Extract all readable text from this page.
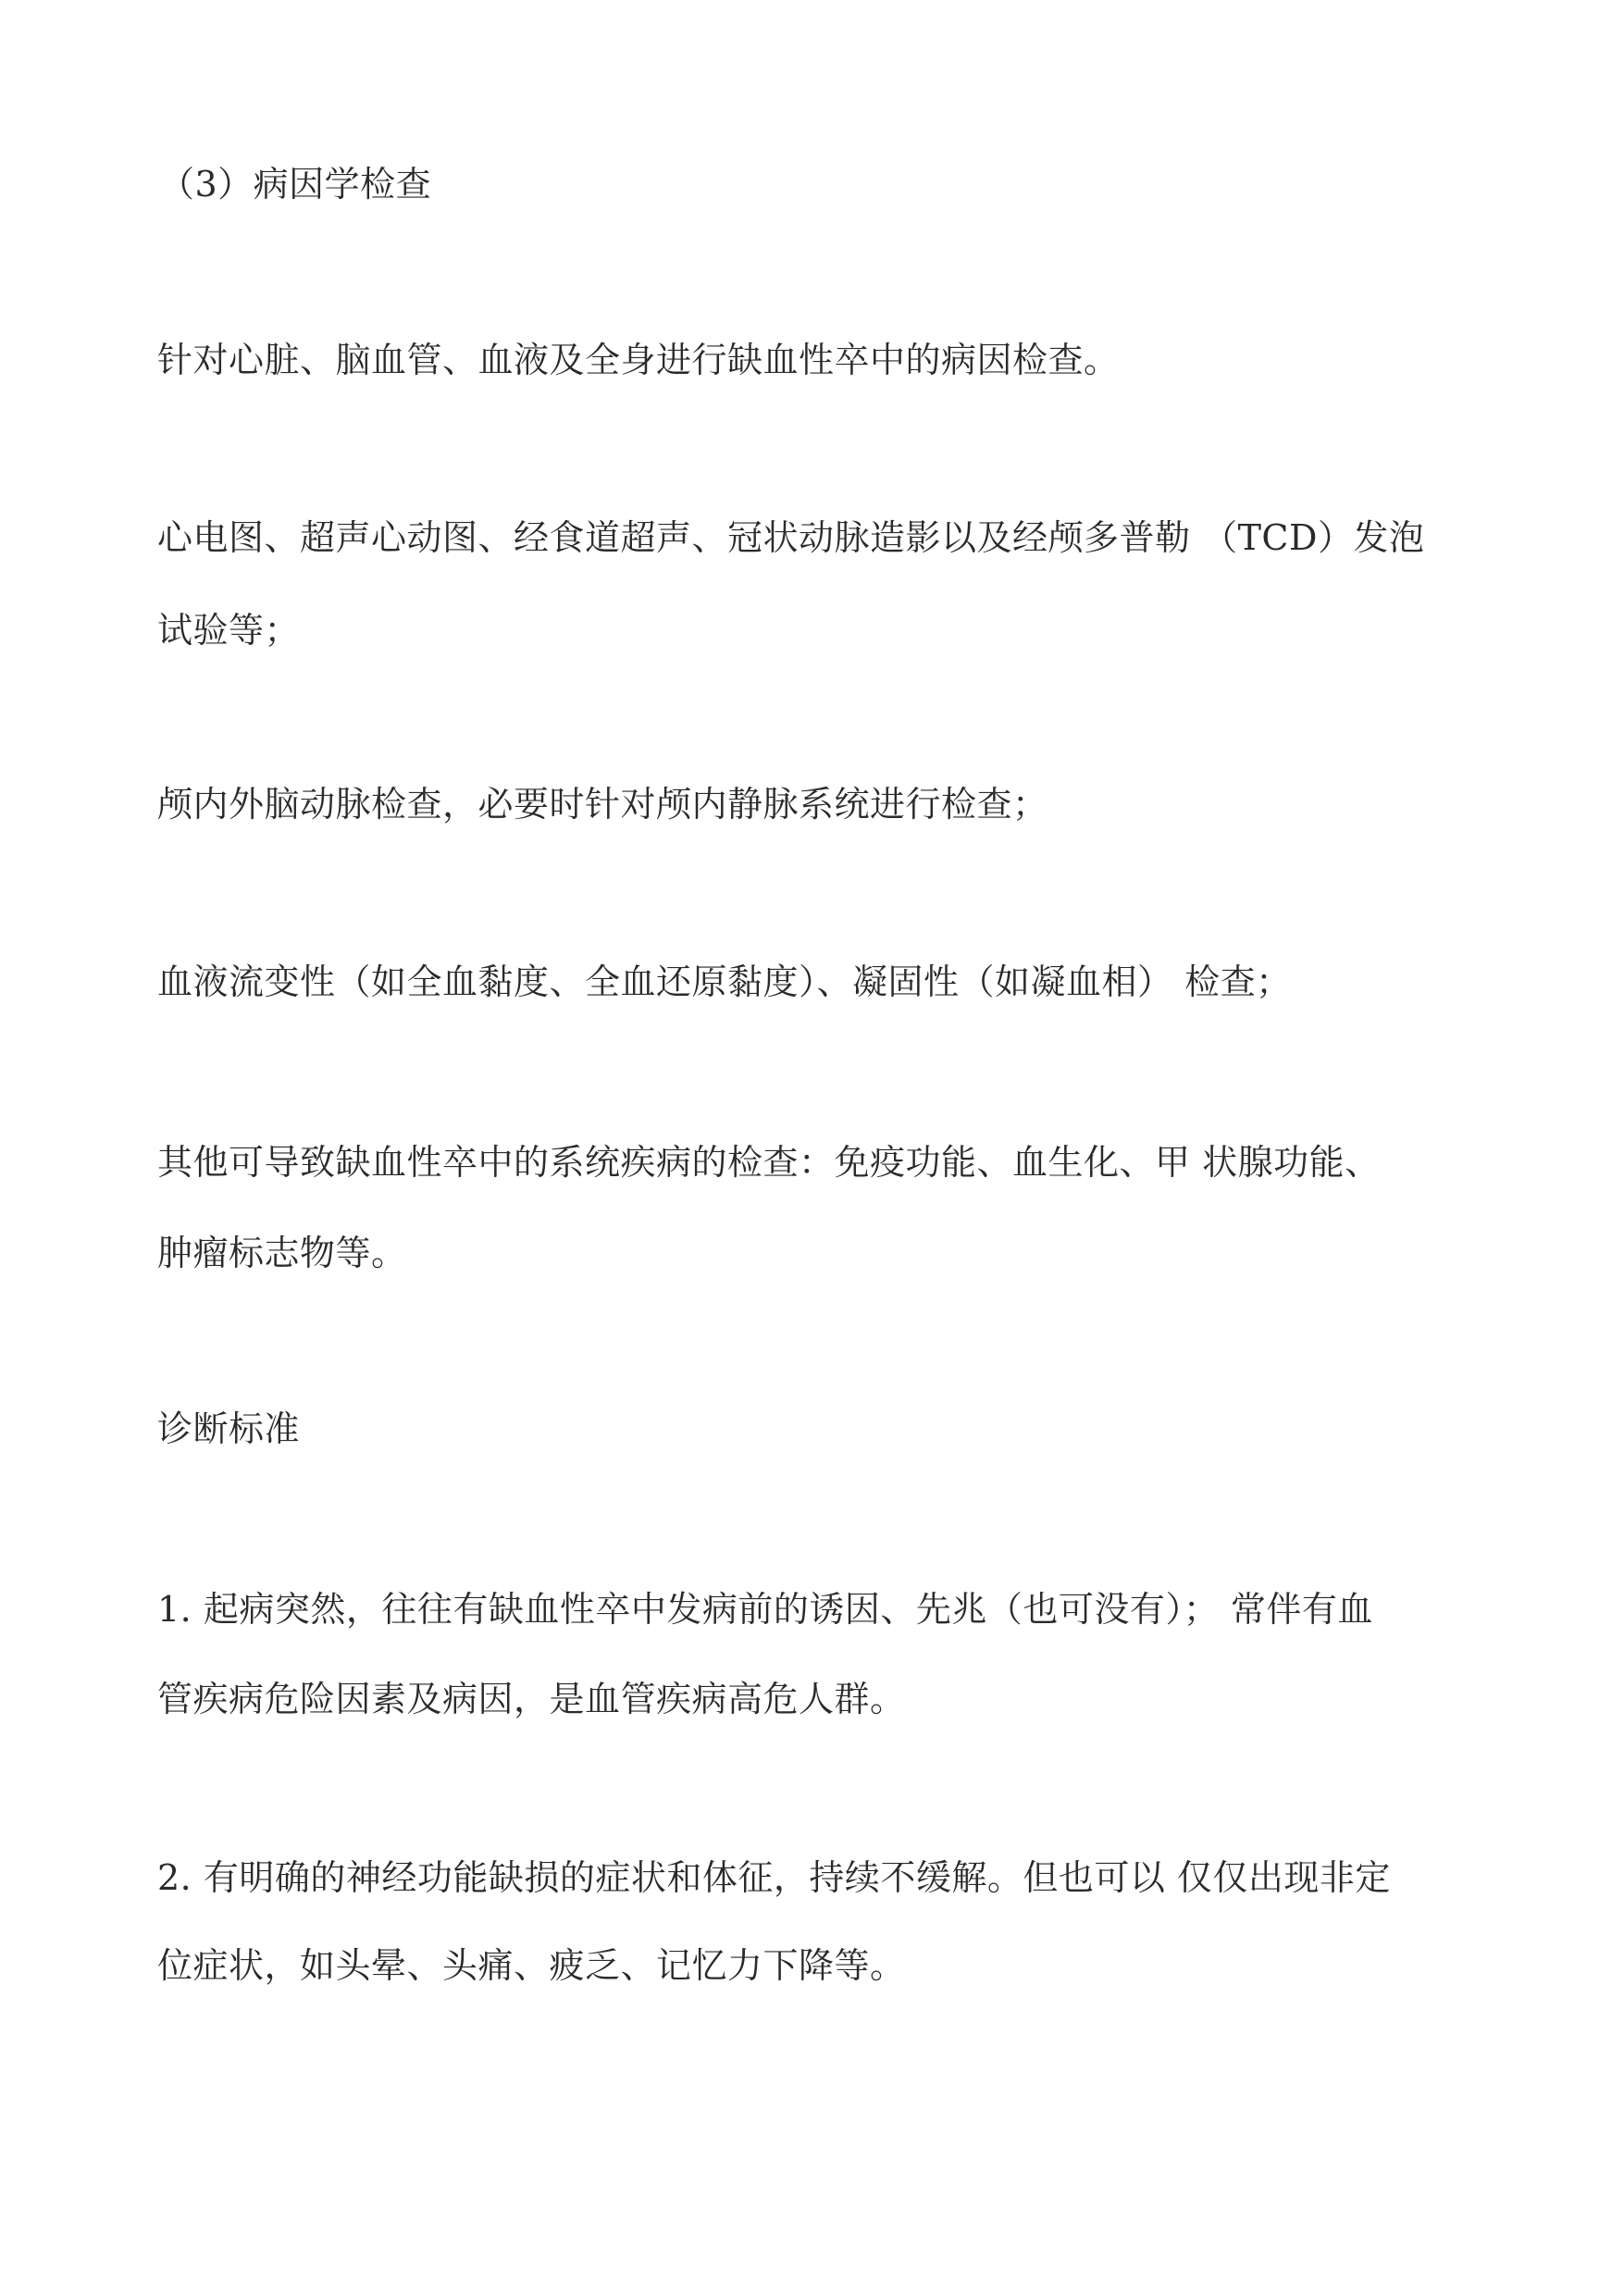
（3）病因学检查
针对心脏、脑血管、血液及全身进行缺血性卒中的病因检查。
心电图、超声心动图、经食道超声、冠状动脉造影以及经颅多普勒 （TCD）发泡
试验等；
颅内外脑动脉检查，必要时针对颅内静脉系统进行检查；
血液流变性（如全血黏度、全血还原黏度）、凝固性（如凝血相） 检查；
其他可导致缺血性卒中的系统疾病的检查：免疫功能、血生化、甲 状腺功能、
肿瘤标志物等。
诊断标准
1. 起病突然，往往有缺血性卒中发病前的诱因、先兆（也可没有）； 常伴有血
管疾病危险因素及病因，是血管疾病高危人群。
2. 有明确的神经功能缺损的症状和体征，持续不缓解。但也可以 仅仅出现非定
位症状，如头晕、头痛、疲乏、记忆力下降等。
